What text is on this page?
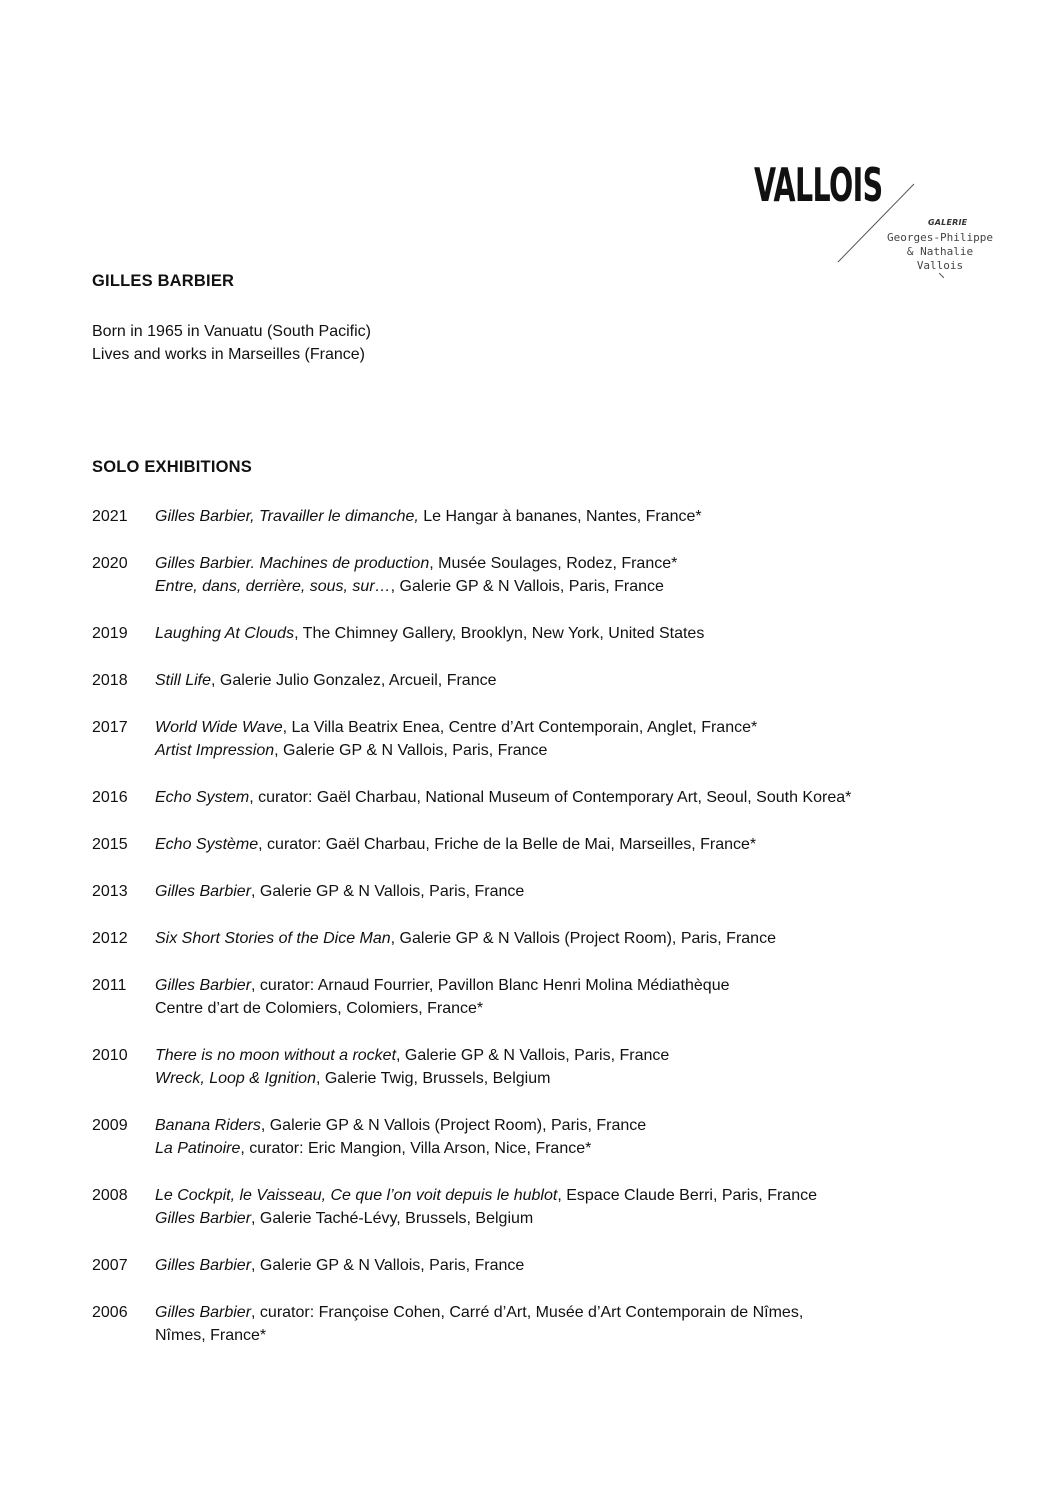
VALLOIS
GALERIE
Georges-Philippe
& Nathalie
Vallois
GILLES BARBIER
Born in 1965 in Vanuatu (South Pacific)
Lives and works in Marseilles (France)
SOLO EXHIBITIONS
2021	Gilles Barbier, Travailler le dimanche, Le Hangar à bananes, Nantes, France*
2020	Gilles Barbier. Machines de production, Musée Soulages, Rodez, France*
Entre, dans, derrière, sous, sur…, Galerie GP & N Vallois, Paris, France
2019	Laughing At Clouds, The Chimney Gallery, Brooklyn, New York, United States
2018	Still Life, Galerie Julio Gonzalez, Arcueil, France
2017	World Wide Wave, La Villa Beatrix Enea, Centre d’Art Contemporain, Anglet, France*
Artist Impression, Galerie GP & N Vallois, Paris, France
2016	Echo System, curator: Gaël Charbau, National Museum of Contemporary Art, Seoul, South Korea*
2015	Echo Système, curator: Gaël Charbau, Friche de la Belle de Mai, Marseilles, France*
2013	Gilles Barbier, Galerie GP & N Vallois, Paris, France
2012	Six Short Stories of the Dice Man, Galerie GP & N Vallois (Project Room), Paris, France
2011	Gilles Barbier, curator: Arnaud Fourrier, Pavillon Blanc Henri Molina Médiathèque
Centre d’art de Colomiers, Colomiers, France*
2010	There is no moon without a rocket, Galerie GP & N Vallois, Paris, France
Wreck, Loop & Ignition, Galerie Twig, Brussels, Belgium
2009	Banana Riders, Galerie GP & N Vallois (Project Room), Paris, France
La Patinoire, curator: Eric Mangion, Villa Arson, Nice, France*
2008	Le Cockpit, le Vaisseau, Ce que l’on voit depuis le hublot, Espace Claude Berri, Paris, France
Gilles Barbier, Galerie Taché-Lévy, Brussels, Belgium
2007	Gilles Barbier, Galerie GP & N Vallois, Paris, France
2006	Gilles Barbier, curator: Françoise Cohen, Carré d’Art, Musée d’Art Contemporain de Nîmes,
Nîmes, France*
